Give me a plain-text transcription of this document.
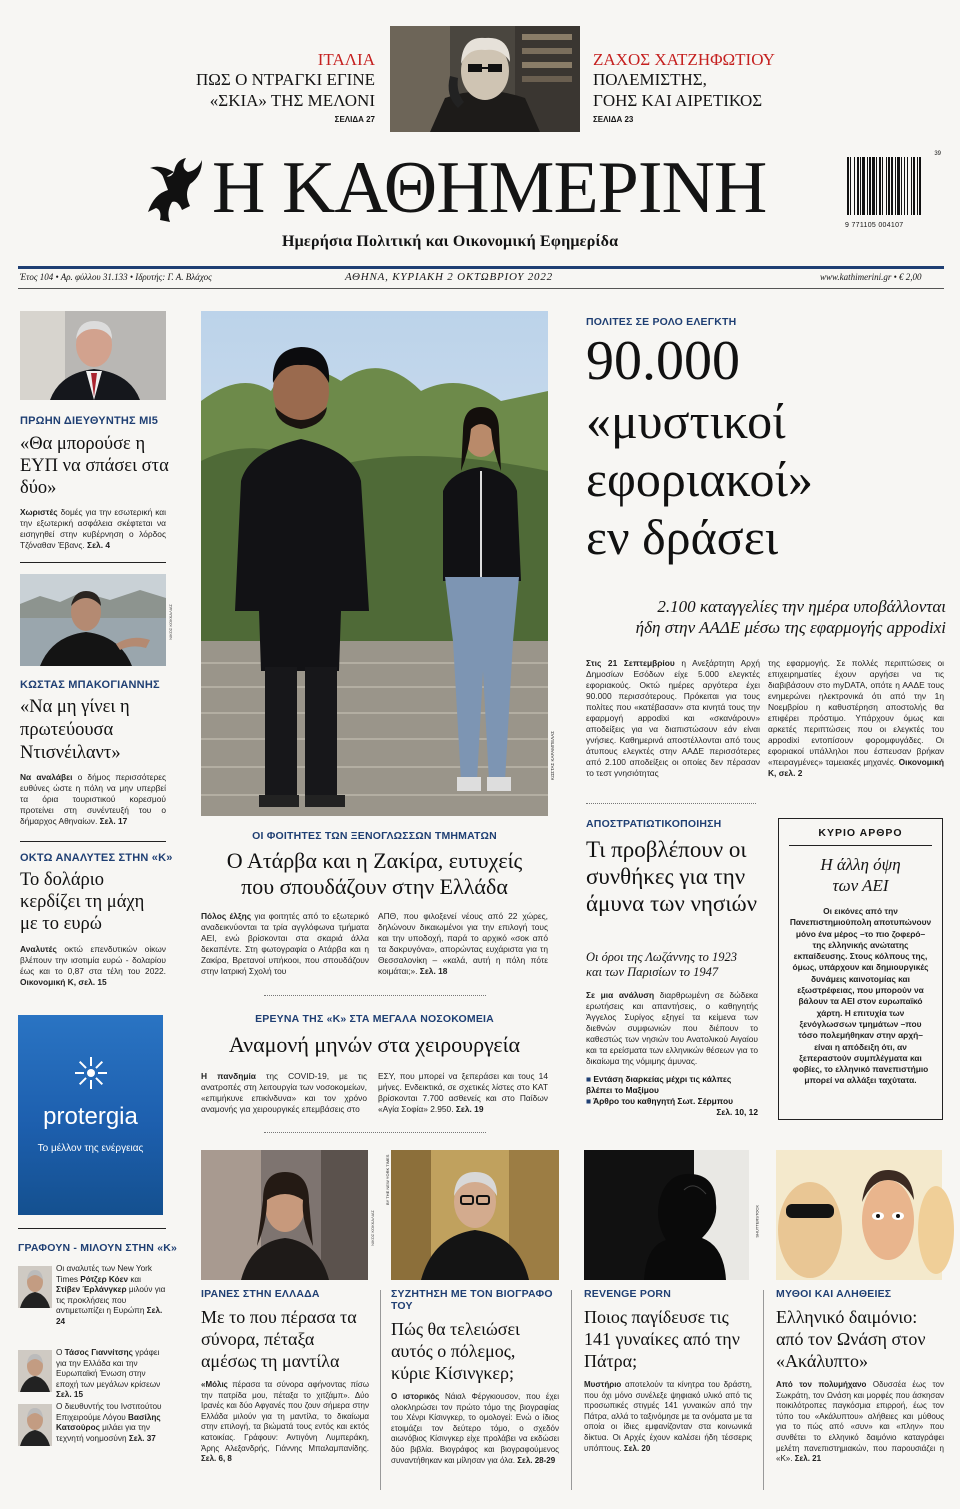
ΙΤΑΛΙΑ
ΠΩΣ Ο ΝΤΡΑΓΚΙ ΕΓΙΝΕ
«ΣΚΙΑ» ΤΗΣ ΜΕΛΟΝΙ
ΣΕΛΙΔΑ 27
ΖΑΧΟΣ ΧΑΤΖΗΦΩΤΙΟΥ
ΠΟΛΕΜΙΣΤΗΣ,
ΓΟΗΣ ΚΑΙ ΑΙΡΕΤΙΚΟΣ
ΣΕΛΙΔΑ 23
Η ΚΑΘΗΜΕΡΙΝΗ	9 771105 004107
39
Ημερήσια Πολιτική και Οικονομική Εφημερίδα
Έτος 104 • Αρ. φύλλου 31.133 • Ιδρυτής: Γ. Α. Βλάχος	ΑΘΗΝΑ, ΚΥΡΙΑΚΗ 2 ΟΚΤΩΒΡΙΟΥ 2022	www.kathimerini.gr • € 2,00
ΠΡΩΗΝ ΔΙΕΥΘΥΝΤΗΣ MI5
«Θα μπορούσε η ΕΥΠ να σπάσει στα δύο»
Χωριστές δομές για την εσωτερική και την εξωτερική ασφάλεια σκέφτεται να εισηγηθεί στην κυβέρνηση ο λόρδος Τζόναθαν Έβανς. Σελ. 4
ΝΙΚΟΣ ΚΟΚΚΑΛΙΑΣ
ΚΩΣΤΑΣ ΜΠΑΚΟΓΙΑΝΝΗΣ
«Να μη γίνει η πρωτεύουσα Ντισνέιλαντ»
Να αναλάβει ο δήμος περισσότερες ευθύνες ώστε η πόλη να μην υπερβεί τα όρια τουριστικού κορεσμού προτείνει στη συνέντευξή του ο δήμαρχος Αθηναίων. Σελ. 17
ΟΚΤΩ ΑΝΑΛΥΤΕΣ ΣΤΗΝ «Κ»
Το δολάριο κερδίζει τη μάχη με το ευρώ
Αναλυτές οκτώ επενδυτικών οίκων βλέπουν την ισοτιμία ευρώ - δολαρίου έως και το 0,87 στα τέλη του 2022. Οικονομική Κ, σελ. 15
protergia
Το μέλλον της ενέργειας
ΓΡΑΦΟΥΝ - ΜΙΛΟΥΝ ΣΤΗΝ «Κ»
Οι αναλυτές των New York Times Ρότζερ Κόεν και Στίβεν Έρλάνγκερ μιλούν για τις προκλήσεις που αντιμετωπίζει η Ευρώπη Σελ. 24
Ο Τάσος Γιαννίτσης γράφει για την Ελλάδα και την Ευρωπαϊκή Ένωση στην εποχή των μεγάλων κρίσεων Σελ. 15
Ο διευθυντής του Ινστιτούτου Επιχειρούμε Λόγου Βασίλης Κατσούρος μιλάει για την τεχνητή νοημοσύνη Σελ. 37
ΚΩΣΤΑΣ ΚΑΡΑΜΠΕΛΑΣ
ΟΙ ΦΟΙΤΗΤΕΣ ΤΩΝ ΞΕΝΟΓΛΩΣΣΩΝ ΤΜΗΜΑΤΩΝ
Ο Ατάρβα και η Ζακίρα, ευτυχείς
που σπουδάζουν στην Ελλάδα
Πόλος έλξης για φοιτητές από το εξωτερικό αναδεικνύονται τα τρία αγγλόφωνα τμήματα ΑΕΙ, ενώ βρίσκονται στα σκαριά άλλα δεκαπέντε. Στη φωτογραφία ο Ατάρβα και η Ζακίρα, Βρετανοί υπήκοοι, που σπουδάζουν στην Ιατρική Σχολή του
ΑΠΘ, που φιλοξενεί νέους από 22 χώρες, δηλώνουν δικαιωμένοι για την επιλογή τους και την υποδοχή, παρά το αρχικό «σοκ από τα δακρυγόνα», απορώντας ευχάριστα για τη Θεσσαλονίκη – «καλά, αυτή η πόλη πότε κοιμάται;». Σελ. 18
ΕΡΕΥΝΑ ΤΗΣ «Κ» ΣΤΑ ΜΕΓΑΛΑ ΝΟΣΟΚΟΜΕΙΑ
Αναμονή μηνών στα χειρουργεία
Η πανδημία της COVID-19, με τις ανατροπές στη λειτουργία των νοσοκομείων, «επιμήκυνε επικίνδυνα» και τον χρόνο αναμονής για χειρουργικές επεμβάσεις στο
ΕΣΥ, που μπορεί να ξεπεράσει και τους 14 μήνες. Ενδεικτικά, σε σχετικές λίστες στο ΚΑΤ βρίσκονται 7.700 ασθενείς και στο Παίδων «Αγία Σοφία» 2.950. Σελ. 19
ΠΟΛΙΤΕΣ ΣΕ ΡΟΛΟ ΕΛΕΓΚΤΗ
90.000
«μυστικοί
εφοριακοί»
εν δράσει
2.100 καταγγελίες την ημέρα υποβάλλονται
ήδη στην ΑΑΔΕ μέσω της εφαρμογής appodixi
Στις 21 Σεπτεμβρίου η Ανεξάρτητη Αρχή Δημοσίων Εσόδων είχε 5.000 ελεγκτές εφοριακούς. Οκτώ ημέρες αργότερα έχει 90.000 περισσότερους. Πρόκειται για τους πολίτες που «κατέβασαν» στα κινητά τους την εφαρμογή appodixi και «σκανάρουν» αποδείξεις για να διαπιστώσουν εάν είναι γνήσιες. Καθημερινά αποστέλλονται από τους άτυπους ελεγκτές στην ΑΑΔΕ περισσότερες από 2.100 αποδείξεις οι οποίες δεν πέρασαν το τεστ γνησιότητας
της εφαρμογής. Σε πολλές περιπτώσεις οι επιχειρηματίες έχουν αργήσει να τις διαβιβάσουν στο myDATA, οπότε η ΑΑΔΕ τους ενημερώνει ηλεκτρονικά ότι από την 1η Νοεμβρίου η καθυστέρηση αποστολής θα επιφέρει πρόστιμο. Υπάρχουν όμως και αρκετές περιπτώσεις που οι ελεγκτές του appodixi εντοπίσουν φορομφυγάδες. Οι εφοριακοί υπάλληλοι που έσπευσαν βρήκαν «πειραγμένες» ταμειακές μηχανές. Οικονομική Κ, σελ. 2
ΑΠΟΣΤΡΑΤΙΩΤΙΚΟΠΟΙΗΣΗ
Τι προβλέπουν οι συνθήκες για την άμυνα των νησιών
Οι όροι της Λωζάννης το 1923 και των Παρισίων το 1947
Σε μια ανάλυση διαρθρωμένη σε δώδεκα ερωτήσεις και απαντήσεις, ο καθηγητής Άγγελος Συρίγος εξηγεί τα κείμενα των διεθνών συμφωνιών που διέπουν το καθεστώς των νησιών του Ανατολικού Αιγαίου και τα ερείσματα των ελληνικών θέσεων για το δικαίωμα της νόμιμης άμυνας.
■ Εντάση διαρκείας μέχρι τις κάλπες βλέπει το Μαξίμου
■ Άρθρο του καθηγητή Σωτ. Σέρμπου
Σελ. 10, 12
ΚΥΡΙΟ ΑΡΘΡΟ
Η άλλη όψη
των ΑΕΙ
Οι εικόνες από την Πανεπιστημιούπολη αποτυπώνουν μόνο ένα μέρος –το πιο ζοφερό– της ελληνικής ανώτατης εκπαίδευσης. Στους κόλπους της, όμως, υπάρχουν και δημιουργικές δυνάμεις καινοτομίας και εξωστρέφειας, που μπορούν να βάλουν τα ΑΕΙ στον ευρωπαϊκό χάρτη. Η επιτυχία των ξενόγλωσσων τμημάτων –που τόσο πολεμήθηκαν στην αρχή– είναι η απόδειξη ότι, αν ξεπεραστούν συμπλέγματα και φοβίες, το ελληνικό πανεπιστήμιο μπορεί να αλλάξει ταχύτατα.
ΝΙΚΟΣ ΚΟΚΚΑΛΙΑΣ
BY THE NEW YORK TIMES
SHUTTERSTOCK
ΙΡΑΝΕΣ ΣΤΗΝ ΕΛΛΑΔΑ
Με το που πέρασα τα σύνορα, πέταξα αμέσως τη μαντίλα
«Μόλις πέρασα τα σύνορα αφήνοντας πίσω την πατρίδα μου, πέταξα το χιτζάμπ». Δύο Ιρανές και δύο Αφγανές που ζουν σήμερα στην Ελλάδα μιλούν για τη μαντίλα, το δικαίωμα στην επιλογή, τα βιώματά τους εντός και εκτός κατοικίας. Γράφουν: Αντιγόνη Λυμπεράκη, Άρης Αλεξανδρής, Γιάννης Μπαλαμπανίδης. Σελ. 6, 8
ΣΥΖΗΤΗΣΗ ΜΕ ΤΟΝ ΒΙΟΓΡΑΦΟ ΤΟΥ
Πώς θα τελειώσει αυτός ο πόλεμος, κύριε Κίσινγκερ;
Ο ιστορικός Νάιαλ Φέργκιουσον, που έχει ολοκληρώσει τον πρώτο τόμο της βιογραφίας του Χένρι Κίσινγκερ, το ομολογεί: Ενώ ο ίδιος ετοιμάζει τον δεύτερο τόμο, ο σχεδόν αιωνόβιος Κίσινγκερ είχε προλάβει να εκδώσει δύο βιβλία. Βιογράφος και βιογραφούμενος συναντήθηκαν και μίλησαν για όλα. Σελ. 28-29
REVENGE PORN
Ποιος παγίδευσε τις 141 γυναίκες από την Πάτρα;
Μυστήριο αποτελούν τα κίνητρα του δράστη, που όχι μόνο συνέλεξε ψηφιακό υλικό από τις προσωπικές στιγμές 141 γυναικών από την Πάτρα, αλλά το ταξινόμησε με τα ονόματα με τα οποία οι ίδιες εμφανίζονταν στα κοινωνικά δίκτυα. Οι Αρχές έχουν καλέσει ήδη τέσσερις υπόπτους. Σελ. 20
ΜΥΘΟΙ ΚΑΙ ΑΛΗΘΕΙΕΣ
Ελληνικό δαιμόνιο: από τον Ωνάση στον «Ακάλυπτο»
Από τον πολυμήχανο Οδυσσέα έως τον Σωκράτη, τον Ωνάση και μορφές που άσκησαν ποικιλότροπες παγκόσμια επιρροή, έως τον τύπο του «Ακάλυπτου» αλήθειες και μύθους για το πώς από «συν» και «πλην» που συνθέτει το ελληνικό δαιμόνιο καταγράφει μελέτη πανεπιστημιακών, που παρουσιάζει η «Κ». Σελ. 21
